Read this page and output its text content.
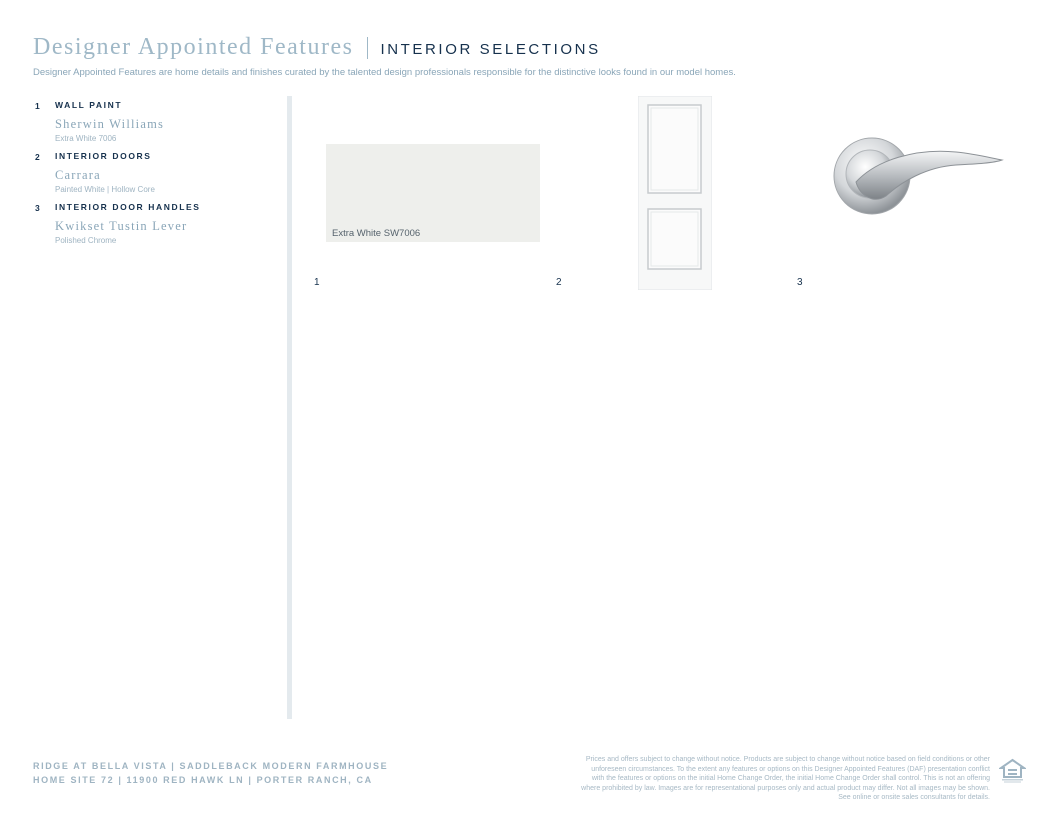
Designer Appointed Features INTERIOR SELECTIONS
Designer Appointed Features are home details and finishes curated by the talented design professionals responsible for the distinctive looks found in our model homes.
1	WALL PAINT
Sherwin Williams
Extra White 7006
2	INTERIOR DOORS
Carrara
Painted White | Hollow Core
3	INTERIOR DOOR HANDLES
Kwikset Tustin Lever
Polished Chrome
Extra White SW7006
1	2	3
RIDGE AT BELLA VISTA | SADDLEBACK MODERN FARMHOUSE
HOME SITE 72 | 11900 RED HAWK LN | PORTER RANCH, CA
Prices and offers subject to change without notice. Products are subject to change without notice based on field conditions or other unforeseen circumstances. To the extent any features or options on this Designer Appointed Features (DAF) presentation conflict with the features or options on the initial Home Change Order, the initial Home Change Order shall control. This is not an offering where prohibited by law. Images are for representational purposes only and actual product may differ. Not all images may be shown. See online or onsite sales consultants for details.
